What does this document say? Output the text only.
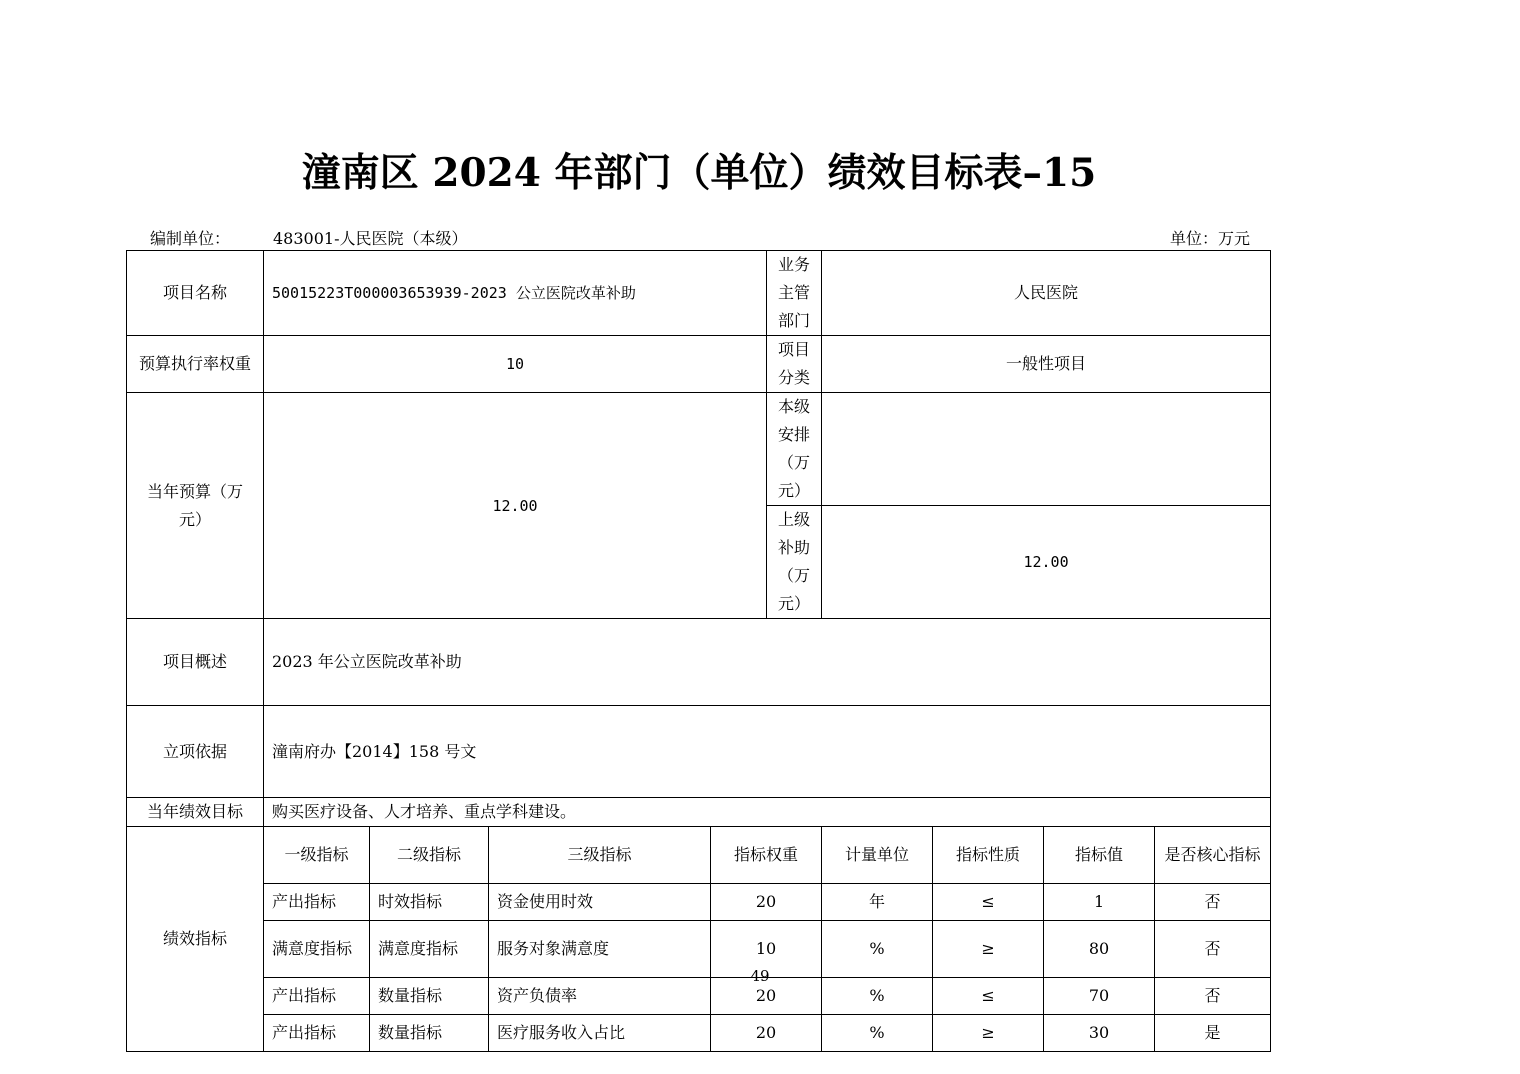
潼南区 2024 年部门（单位）绩效目标表–15
编制单位：	483001-人民医院（本级）	单位：万元
项目名称	50015223T000003653939-2023 公立医院改革补助				业务主管部门	人民医院			
预算执行率权重	10				项目分类	一般性项目			
当年预算（万元）	12.00				本级安排（万元）				
					上级补助（万元）	12.00			
项目概述	2023 年公立医院改革补助								
立项依据	潼南府办【2014】158 号文								
当年绩效目标	购买医疗设备、人才培养、重点学科建设。								
绩效指标	一级指标	二级指标	三级指标	指标权重		计量单位	指标性质	指标值	是否核心指标
	产出指标	时效指标	资金使用时效	20		年	≤	1	否
	满意度指标	满意度指标	服务对象满意度	10		%	≥	80	否
	产出指标	数量指标	资产负债率	20		%	≤	70	否
	产出指标	数量指标	医疗服务收入占比	20		%	≥	30	是
49
